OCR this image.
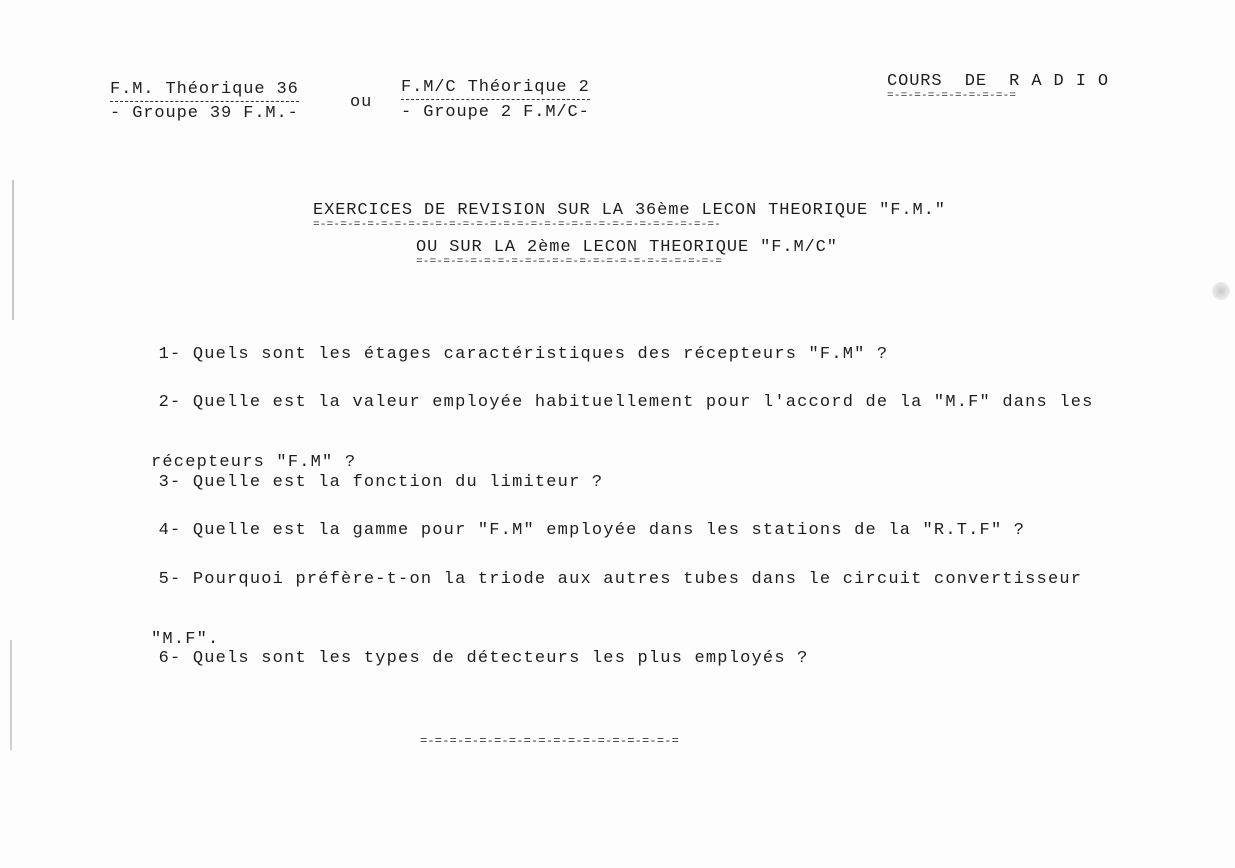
F.M. Théorique 36
- Groupe 39 F.M.-
ou
F.M/C Théorique 2
- Groupe 2 F.M/C-
COURS  DE  R A D I O
=-=-=-=-=-=-=-=-=-=
EXERCICES DE REVISION SUR LA 36ème LECON THEORIQUE "F.M."
=-=-=-=-=-=-=-=-=-=-=-=-=-=-=-=-=-=-=-=-=-=-=-=-=-=-=-=-=-=-
OU SUR LA 2ème LECON THEORIQUE "F.M/C"
=-=-=-=-=-=-=-=-=-=-=-=-=-=-=-=-=-=-=-=-=-=-=

1- Quels sont les étages caractéristiques des récepteurs "F.M" ?

2- Quelle est la valeur employée habituellement pour l'accord de la "M.F" dans les

récepteurs "F.M" ?

3- Quelle est la fonction du limiteur ?

4- Quelle est la gamme pour "F.M" employée dans les stations de la "R.T.F" ?

5- Pourquoi préfère-t-on la triode aux autres tubes dans le circuit convertisseur

"M.F".

6- Quels sont les types de détecteurs les plus employés ?

=-=-=-=-=-=-=-=-=-=-=-=-=-=-=-=-=-=
